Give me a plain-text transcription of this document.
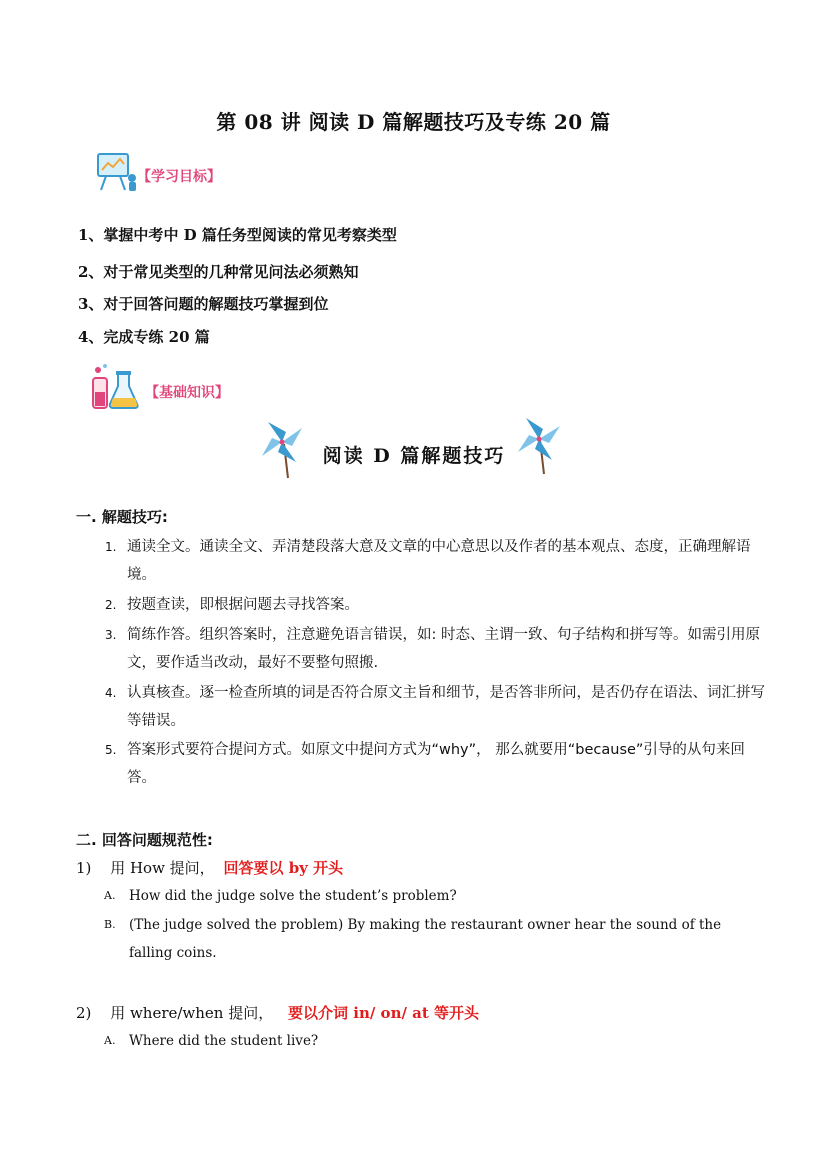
第 08 讲 阅读 D 篇解题技巧及专练 20 篇
【学习目标】
1、掌握中考中 D 篇任务型阅读的常见考察类型
2、对于常见类型的几种常见问法必须熟知
3、对于回答问题的解题技巧掌握到位
4、完成专练 20 篇
【基础知识】
阅读 D 篇解题技巧
一. 解题技巧:
1. 通读全文。通读全文、弄清楚段落大意及文章的中心意思以及作者的基本观点、态度，正确理解语境。
2. 按题查读，即根据问题去寻找答案。
3. 简练作答。组织答案时，注意避免语言错误，如: 时态、主谓一致、句子结构和拼写等。如需引用原文，要作适当改动，最好不要整句照搬.
4. 认真核查。逐一检查所填的词是否符合原文主旨和细节，是否答非所问，是否仍存在语法、词汇拼写等错误。
5. 答案形式要符合提问方式。如原文中提问方式为“why”， 那么就要用“because”引导的从句来回答。
二. 回答问题规范性:
1) 用 How 提问， 回答要以 by 开头
A. How did the judge solve the student’s problem?
B. (The judge solved the problem) By making the restaurant owner hear the sound of the falling coins.
2) 用 where/when 提问， 要以介词 in/ on/ at 等开头
A. Where did the student live?
